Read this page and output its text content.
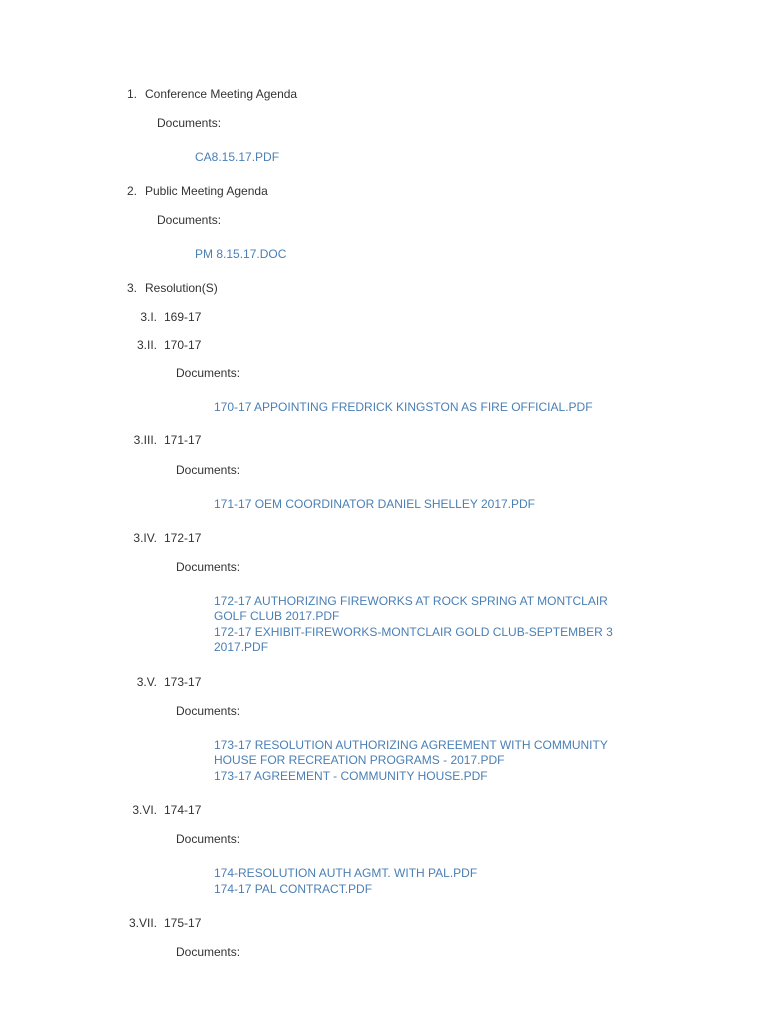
1. Conference Meeting Agenda
Documents:
CA8.15.17.PDF
2. Public Meeting Agenda
Documents:
PM 8.15.17.DOC
3. Resolution(S)
3.I. 169-17
3.II. 170-17
Documents:
170-17 APPOINTING FREDRICK KINGSTON AS FIRE OFFICIAL.PDF
3.III. 171-17
Documents:
171-17 OEM COORDINATOR DANIEL SHELLEY 2017.PDF
3.IV. 172-17
Documents:
172-17 AUTHORIZING FIREWORKS AT ROCK SPRING AT MONTCLAIR GOLF CLUB 2017.PDF
172-17 EXHIBIT-FIREWORKS-MONTCLAIR GOLD CLUB-SEPTEMBER 3 2017.PDF
3.V. 173-17
Documents:
173-17 RESOLUTION AUTHORIZING AGREEMENT WITH COMMUNITY HOUSE FOR RECREATION PROGRAMS - 2017.PDF
173-17 AGREEMENT - COMMUNITY HOUSE.PDF
3.VI. 174-17
Documents:
174-RESOLUTION AUTH AGMT. WITH PAL.PDF
174-17 PAL CONTRACT.PDF
3.VII. 175-17
Documents:
